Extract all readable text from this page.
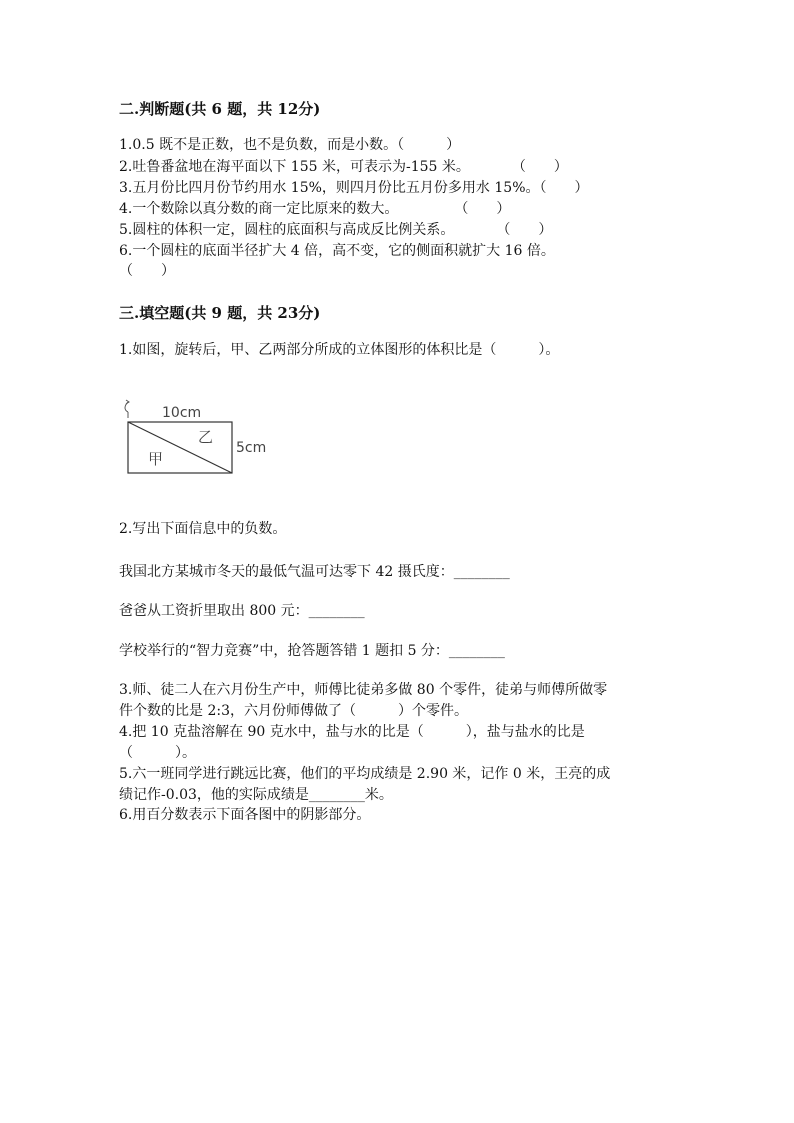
二.判断题(共 6 题，共 12分)
1.0.5 既不是正数，也不是负数，而是小数。（　　　）
2.吐鲁番盆地在海平面以下 155 米，可表示为-155 米。　　　　（　　）
3.五月份比四月份节约用水 15%，则四月份比五月份多用水 15%。（　　）
4.一个数除以真分数的商一定比原来的数大。　　　　　（　　）
5.圆柱的体积一定，圆柱的底面积与高成反比例关系。　　　　（　　）
6.一个圆柱的底面半径扩大 4 倍，高不变，它的侧面积就扩大 16 倍。
（　　）
三.填空题(共 9 题，共 23分)
1.如图，旋转后，甲、乙两部分所成的立体图形的体积比是（　　　）。
10cm
5cm
乙
甲
2.写出下面信息中的负数。
我国北方某城市冬天的最低气温可达零下 42 摄氏度：________
爸爸从工资折里取出 800 元：________
学校举行的“智力竞赛”中，抢答题答错 1 题扣 5 分：________
3.师、徒二人在六月份生产中，师傅比徒弟多做 80 个零件，徒弟与师傅所做零
件个数的比是 2:3，六月份师傅做了（　　　）个零件。
4.把 10 克盐溶解在 90 克水中，盐与水的比是（　　　），盐与盐水的比是
（　　　）。
5.六一班同学进行跳远比赛，他们的平均成绩是 2.90 米，记作 0 米，王亮的成
绩记作-0.03，他的实际成绩是________米。
6.用百分数表示下面各图中的阴影部分。
